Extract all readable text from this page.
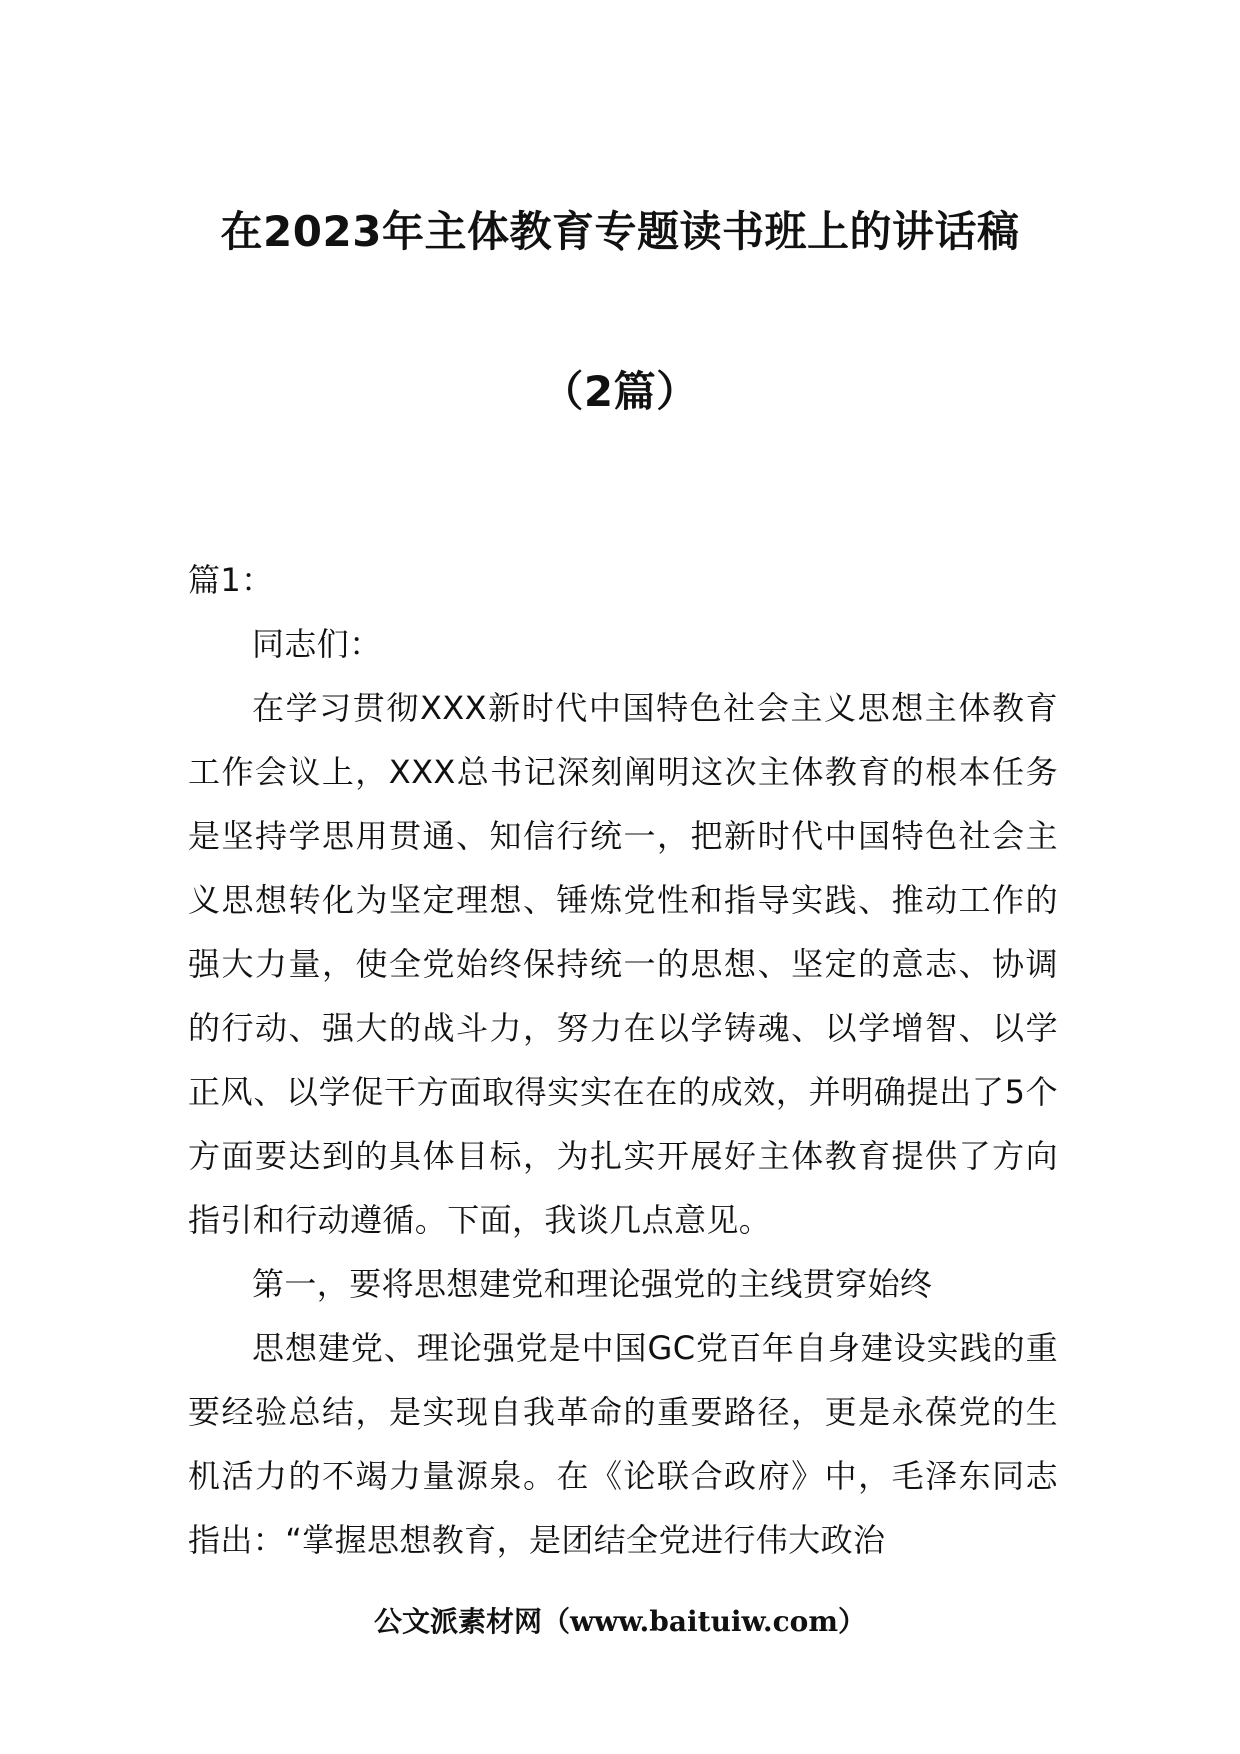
在2023年主体教育专题读书班上的讲话稿
（2篇）

篇1：

同志们：

在学习贯彻XXX新时代中国特色社会主义思想主体教育工作会议上，XXX总书记深刻阐明这次主体教育的根本任务是坚持学思用贯通、知信行统一，把新时代中国特色社会主义思想转化为坚定理想、锤炼党性和指导实践、推动工作的强大力量，使全党始终保持统一的思想、坚定的意志、协调的行动、强大的战斗力，努力在以学铸魂、以学增智、以学正风、以学促干方面取得实实在在的成效，并明确提出了5个方面要达到的具体目标，为扎实开展好主体教育提供了方向指引和行动遵循。下面，我谈几点意见。

第一，要将思想建党和理论强党的主线贯穿始终

思想建党、理论强党是中国GC党百年自身建设实践的重要经验总结，是实现自我革命的重要路径，更是永葆党的生机活力的不竭力量源泉。在《论联合政府》中，毛泽东同志指出：“掌握思想教育，是团结全党进行伟大政治

公文派素材网（www.baituiw.com）
